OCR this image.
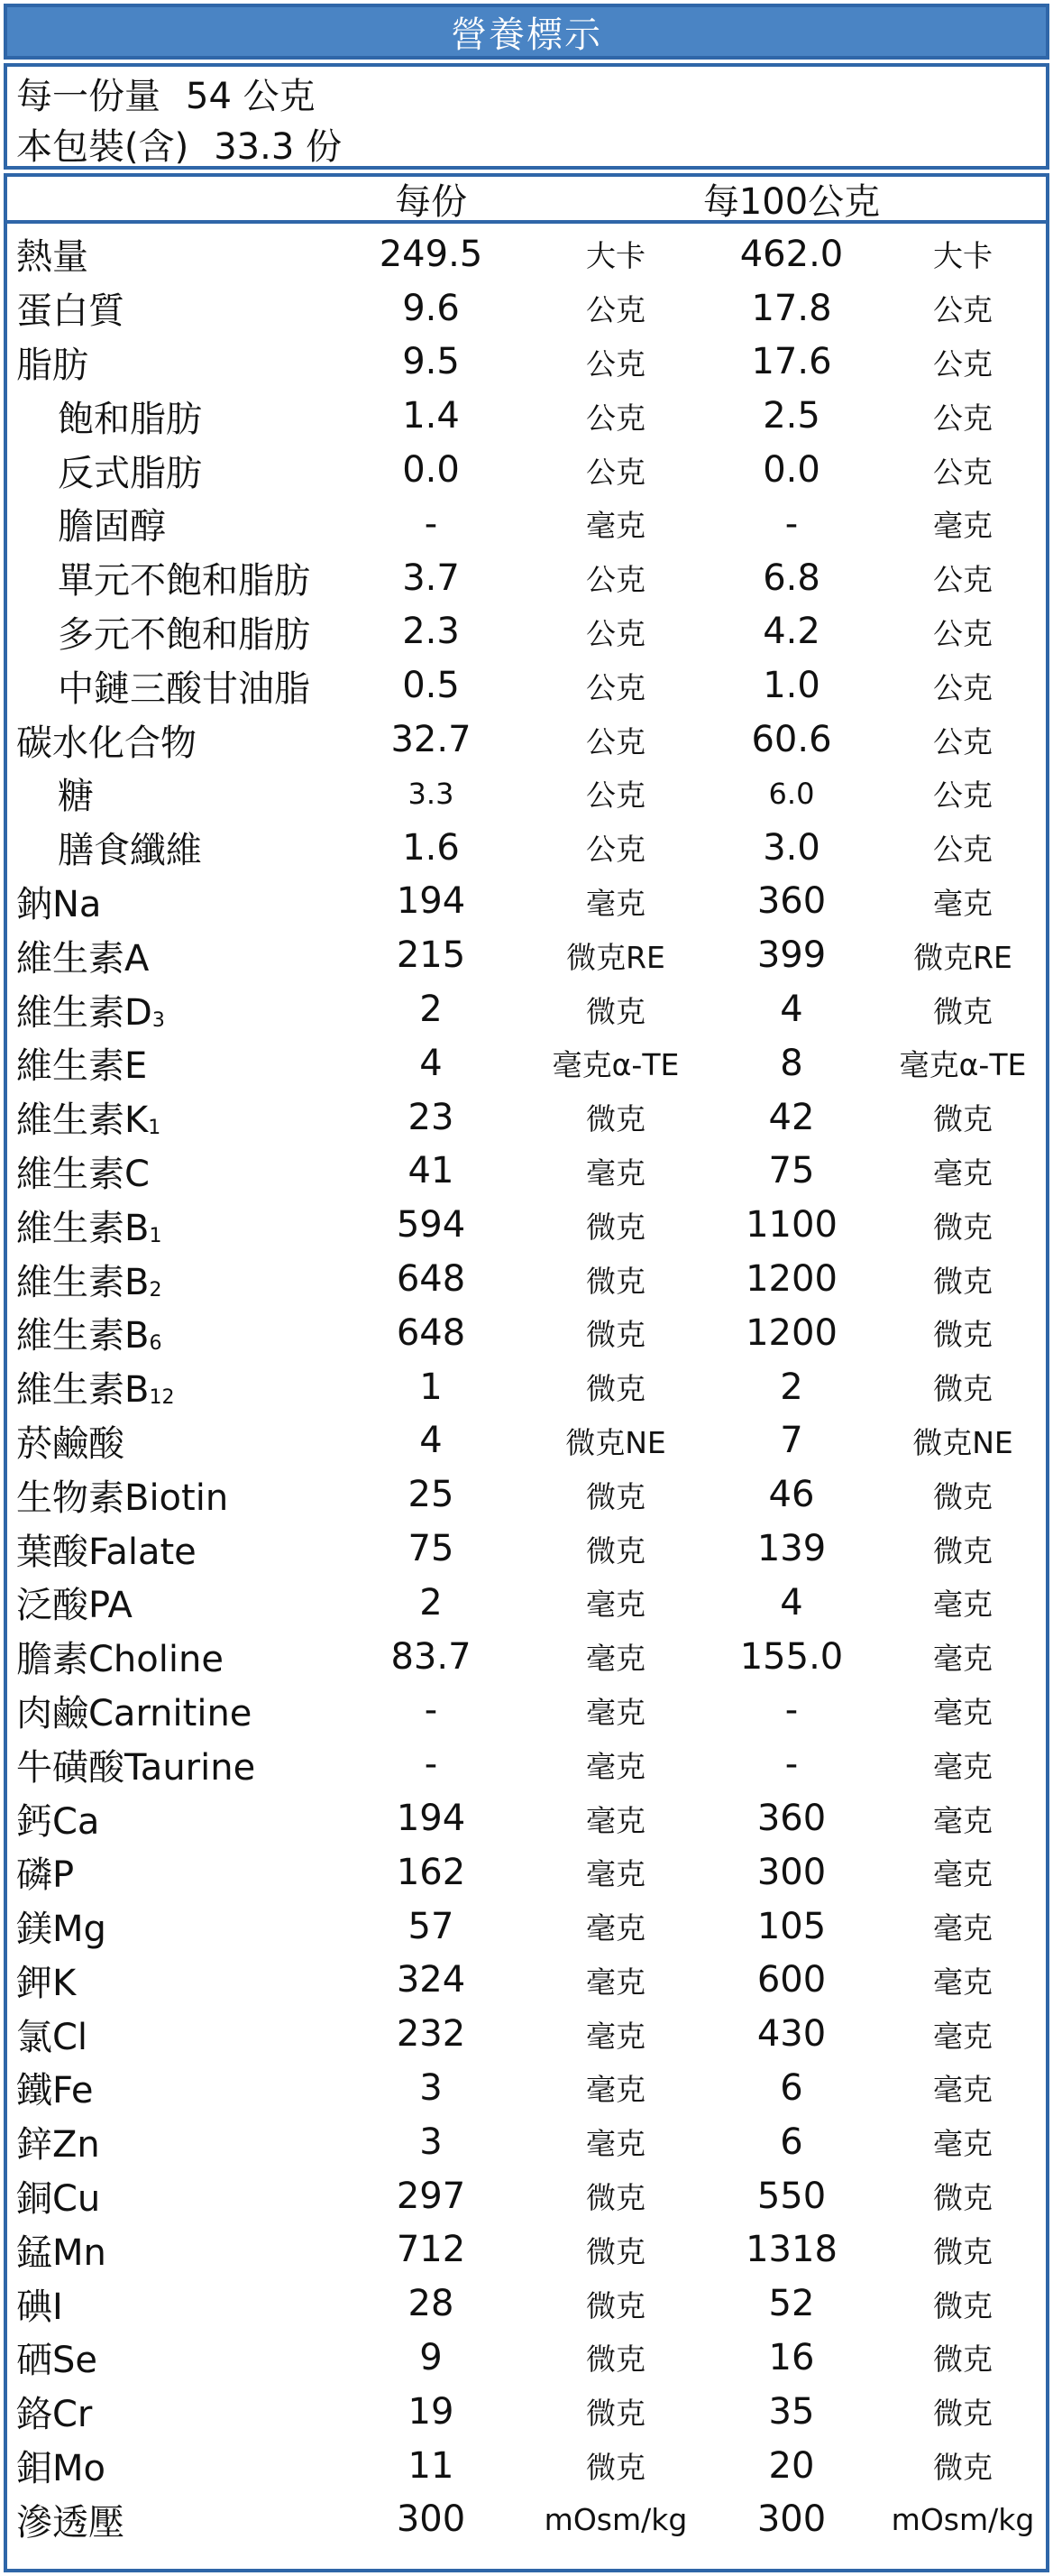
營養標示
每一份量 54 公克
本包裝(含) 33.3 份
每份	每100公克
熱量	249.5	大卡	462.0	大卡
蛋白質	9.6	公克	17.8	公克
脂肪	9.5	公克	17.6	公克
飽和脂肪	1.4	公克	2.5	公克
反式脂肪	0.0	公克	0.0	公克
膽固醇	-	毫克	-	毫克
單元不飽和脂肪	3.7	公克	6.8	公克
多元不飽和脂肪	2.3	公克	4.2	公克
中鏈三酸甘油脂	0.5	公克	1.0	公克
碳水化合物	32.7	公克	60.6	公克
糖	3.3	公克	6.0	公克
膳食纖維	1.6	公克	3.0	公克
鈉Na	194	毫克	360	毫克
維生素A	215	微克RE	399	微克RE
維生素$D_3$	2	微克	4	微克
維生素E	4	毫克α-TE	8	毫克α-TE
維生素$K_1$	23	微克	42	微克
維生素C	41	毫克	75	毫克
維生素$B_1$	594	微克	1100	微克
維生素$B_2$	648	微克	1200	微克
維生素$B_6$	648	微克	1200	微克
維生素$B_{12}$	1	微克	2	微克
菸鹼酸	4	微克NE	7	微克NE
生物素Biotin	25	微克	46	微克
葉酸Falate	75	微克	139	微克
泛酸PA	2	毫克	4	毫克
膽素Choline	83.7	毫克	155.0	毫克
肉鹼Carnitine	-	毫克	-	毫克
牛磺酸Taurine	-	毫克	-	毫克
鈣Ca	194	毫克	360	毫克
磷P	162	毫克	300	毫克
鎂Mg	57	毫克	105	毫克
鉀K	324	毫克	600	毫克
氯Cl	232	毫克	430	毫克
鐵Fe	3	毫克	6	毫克
鋅Zn	3	毫克	6	毫克
銅Cu	297	微克	550	微克
錳Mn	712	微克	1318	微克
碘I	28	微克	52	微克
硒Se	9	微克	16	微克
鉻Cr	19	微克	35	微克
鉬Mo	11	微克	20	微克
滲透壓	300	mOsm/kg	300	mOsm/kg
